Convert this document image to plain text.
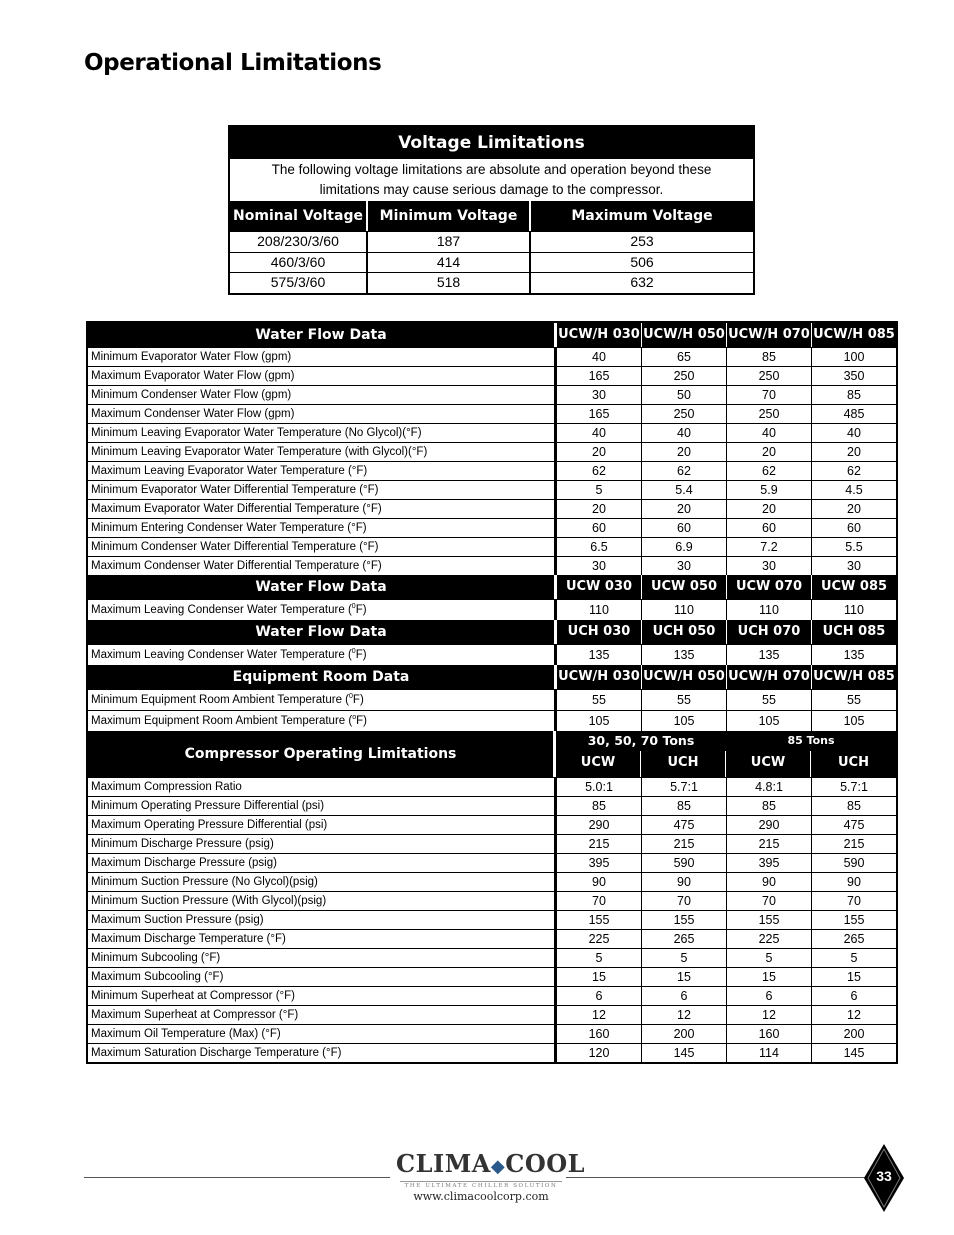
Operational Limitations
Voltage Limitations
The following voltage limitations are absolute and operation beyond these
limitations may cause serious damage to the compressor.
Nominal Voltage	Minimum Voltage	Maximum Voltage
208/230/3/60	187	253
460/3/60	414	506
575/3/60	518	632
Water Flow Data	UCW/H 030 UCW/H 050 UCW/H 070 UCW/H 085
Minimum Evaporator Water Flow (gpm)	40	65	85	100
Maximum Evaporator Water Flow (gpm)	165	250	250	350
Minimum Condenser Water Flow (gpm)	30	50	70	85
Maximum Condenser Water Flow (gpm)	165	250	250	485
Minimum Leaving Evaporator Water Temperature (No Glycol)(°F)	40	40	40	40
Minimum Leaving Evaporator Water Temperature (with Glycol)(°F)	20	20	20	20
Maximum Leaving Evaporator Water Temperature (°F)	62	62	62	62
Minimum Evaporator Water Differential Temperature (°F)	5	5.4	5.9	4.5
Maximum Evaporator Water Differential Temperature (°F)	20	20	20	20
Minimum Entering Condenser Water Temperature (°F)	60	60	60	60
Minimum Condenser Water Differential Temperature (°F)	6.5	6.9	7.2	5.5
Maximum Condenser Water Differential Temperature (°F)	30	30	30	30
Water Flow Data	UCW 030	UCW 050	UCW 070	UCW 085
Maximum Leaving Condenser Water Temperature ($^0$F)	110	110	110	110
Water Flow Data	UCH 030	UCH 050	UCH 070	UCH 085
Maximum Leaving Condenser Water Temperature ($^0$F)	135	135	135	135
Equipment Room Data	UCW/H 030 UCW/H 050 UCW/H 070 UCW/H 085
Minimum Equipment Room Ambient Temperature ($^0$F)	55	55	55	55
Maximum Equipment Room Ambient Temperature ($^o$F)	105	105	105	105
Compressor Operating Limitations
30, 50, 70 Tons
UCW	UCH
85 Tons
UCW	UCH
Maximum Compression Ratio	5.0:1	5.7:1	4.8:1	5.7:1
Minimum Operating Pressure Differential (psi)	85	85	85	85
Maximum Operating Pressure Differential (psi)	290	475	290	475
Minimum Discharge Pressure (psig)	215	215	215	215
Maximum Discharge Pressure (psig)	395	590	395	590
Minimum Suction Pressure (No Glycol)(psig)	90	90	90	90
Minimum Suction Pressure (With Glycol)(psig)	70	70	70	70
Maximum Suction Pressure (psig)	155	155	155	155
Maximum Discharge Temperature (°F)	225	265	225	265
Minimum Subcooling (°F)	5	5	5	5
Maximum Subcooling (°F)	15	15	15	15
Minimum Superheat at Compressor (°F)	6	6	6	6
Maximum Superheat at Compressor (°F)	12	12	12	12
Maximum Oil Temperature (Max) (°F)	160	200	160	200
Maximum Saturation Discharge Temperature (°F)	120	145	114	145
CLIMA◆COOL
THE ULTIMATE CHILLER SOLUTION
www.climacoolcorp.com
33
